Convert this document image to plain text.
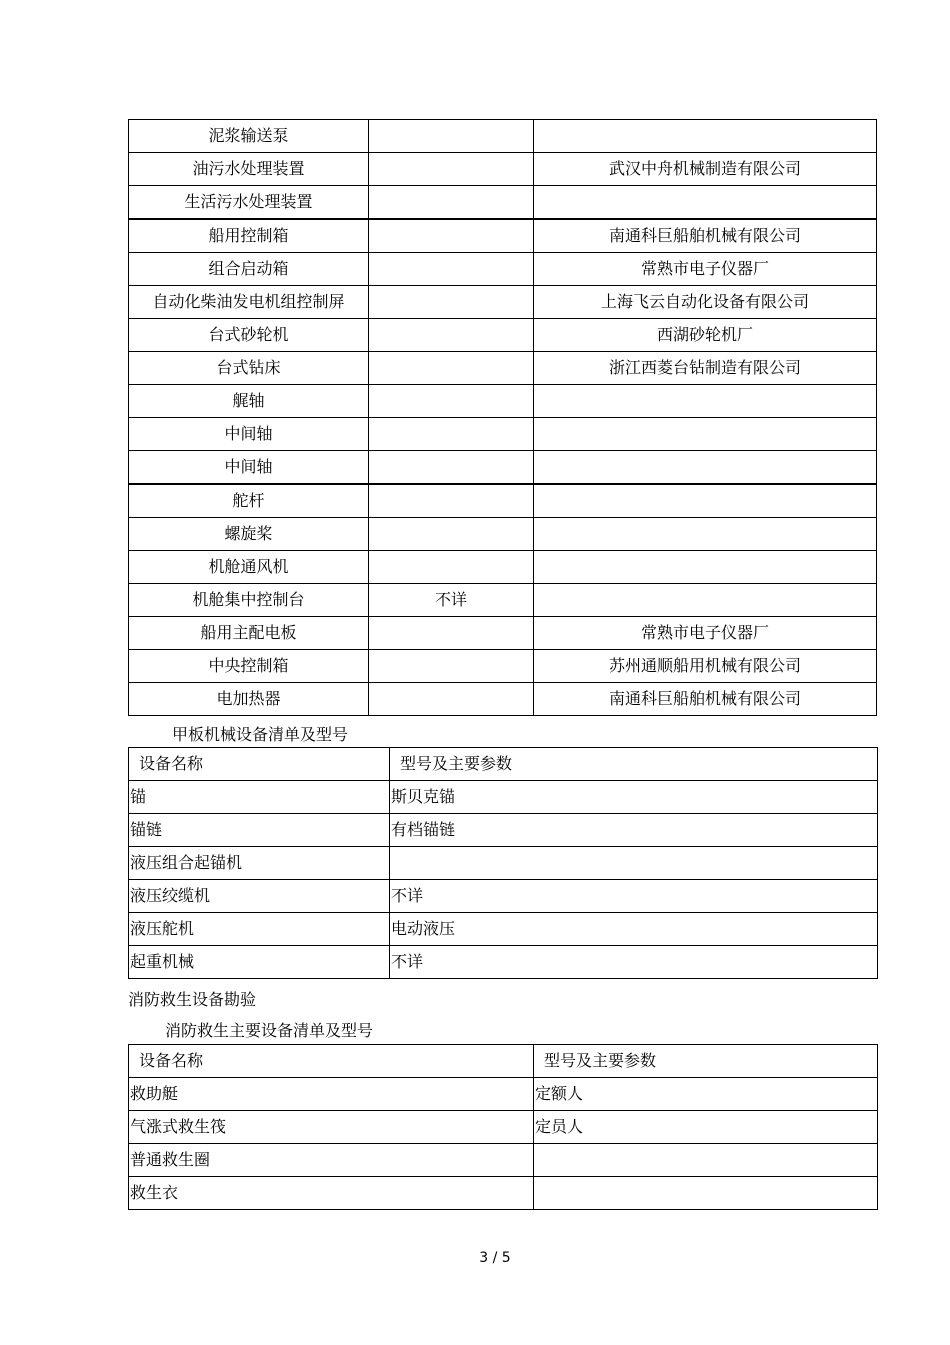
泥浆输送泵		
油污水处理装置		武汉中舟机械制造有限公司
生活污水处理装置		
船用控制箱		南通科巨船舶机械有限公司
组合启动箱		常熟市电子仪器厂
自动化柴油发电机组控制屏		上海飞云自动化设备有限公司
台式砂轮机		西湖砂轮机厂
台式钻床		浙江西菱台钻制造有限公司
艉轴		
中间轴		
中间轴		
舵杆		
螺旋桨		
机舱通风机		
机舱集中控制台	不详	
船用主配电板		常熟市电子仪器厂
中央控制箱		苏州通顺船用机械有限公司
电加热器		南通科巨船舶机械有限公司
甲板机械设备清单及型号
设备名称	型号及主要参数
锚	斯贝克锚
锚链	有档锚链
液压组合起锚机	
液压绞缆机	不详
液压舵机	电动液压
起重机械	不详
消防救生设备勘验
消防救生主要设备清单及型号
设备名称	型号及主要参数
救助艇	定额人
气涨式救生筏	定员人
普通救生圈	
救生衣	
3 / 5
